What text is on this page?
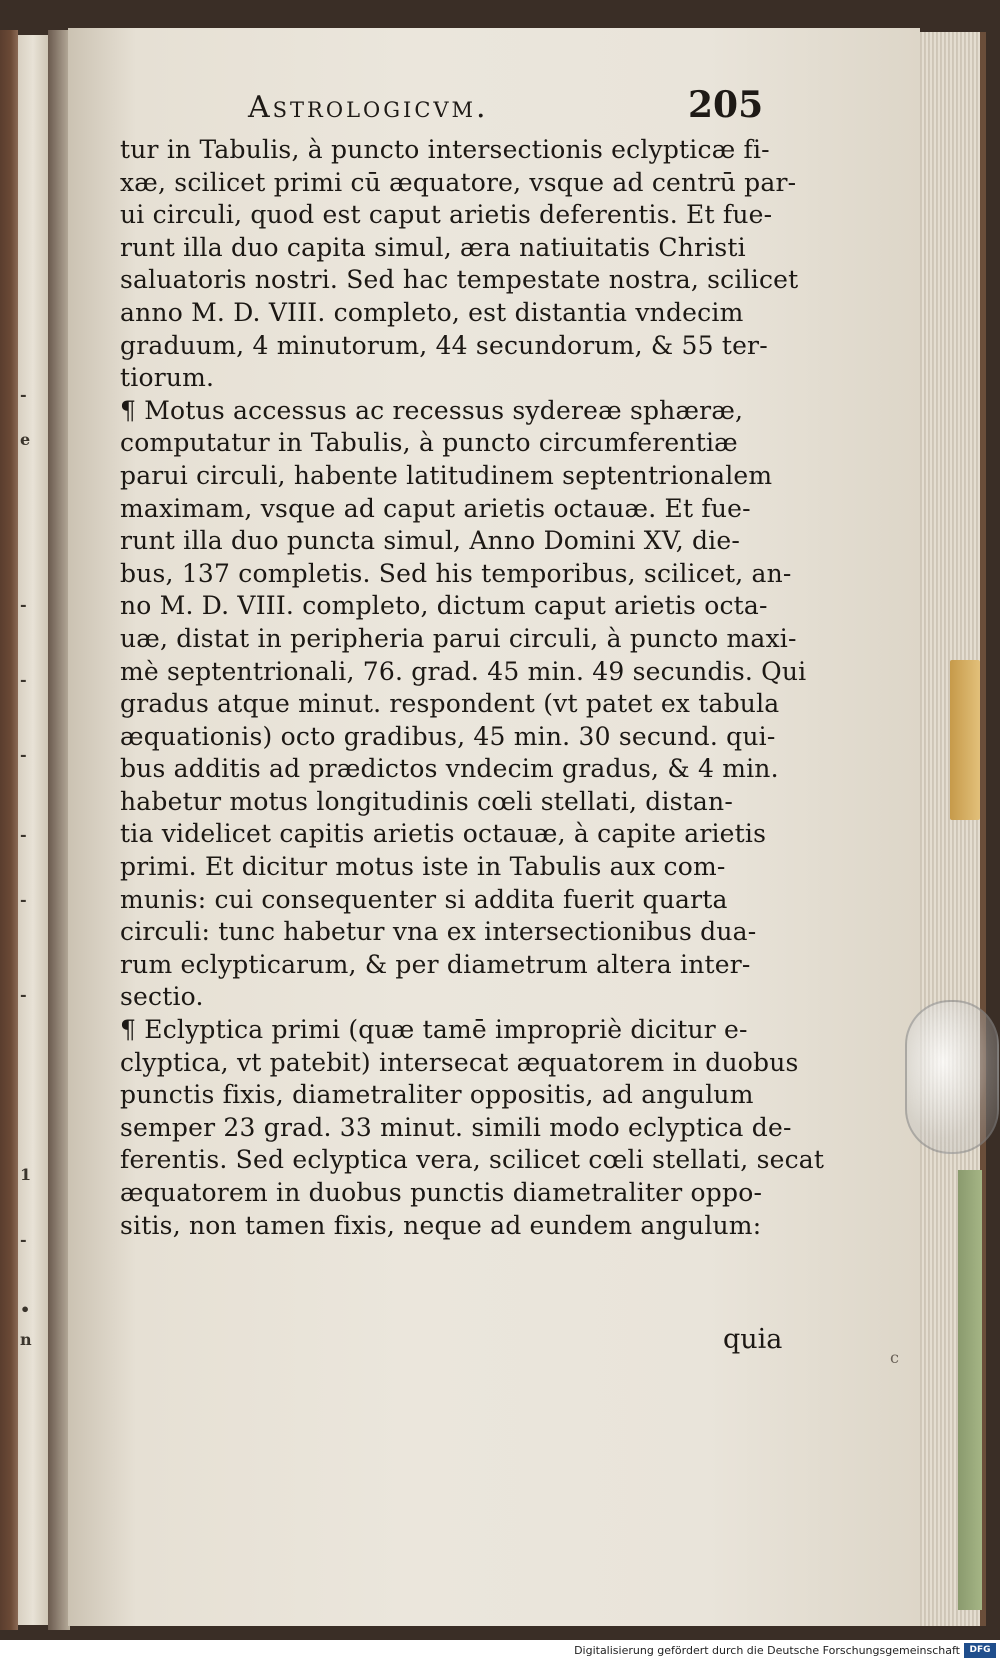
-
e
-
-
-
-
-
-
1
-
•
n
Astrologicvm.	205
tur in Tabulis, à puncto intersectionis eclypticæ fi-
xæ, scilicet primi cū æquatore, vsque ad centrū par-
ui circuli, quod est caput arietis deferentis. Et fue-
runt illa duo capita simul, æra natiuitatis Christi
saluatoris nostri. Sed hac tempestate nostra, scilicet
anno M. D. VIII. completo, est distantia vndecim
graduum, 4 minutorum, 44 secundorum, & 55 ter-
tiorum.
¶ Motus accessus ac recessus sydereæ sphæræ,
computatur in Tabulis, à puncto circumferentiæ
parui circuli, habente latitudinem septentrionalem
maximam, vsque ad caput arietis octauæ. Et fue-
runt illa duo puncta simul, Anno Domini XV, die-
bus, 137 completis. Sed his temporibus, scilicet, an-
no M. D. VIII. completo, dictum caput arietis octa-
uæ, distat in peripheria parui circuli, à puncto maxi-
mè septentrionali, 76. grad. 45 min. 49 secundis. Qui
gradus atque minut. respondent (vt patet ex tabula
æquationis) octo gradibus, 45 min. 30 secund. qui-
bus additis ad prædictos vndecim gradus, & 4 min.
habetur motus longitudinis cœli stellati, distan-
tia videlicet capitis arietis octauæ, à capite arietis
primi. Et dicitur motus iste in Tabulis aux com-
munis: cui consequenter si addita fuerit quarta
circuli: tunc habetur vna ex intersectionibus dua-
rum eclypticarum, & per diametrum altera inter-
sectio.
¶ Eclyptica primi (quæ tamē impropriè dicitur e-
clyptica, vt patebit) intersecat æquatorem in duobus
punctis fixis, diametraliter oppositis, ad angulum
semper 23 grad. 33 minut. simili modo eclyptica de-
ferentis. Sed eclyptica vera, scilicet cœli stellati, secat
æquatorem in duobus punctis diametraliter oppo-
sitis, non tamen fixis, neque ad eundem angulum:
quia
c
Digitalisierung gefördert durch die Deutsche Forschungsgemeinschaft	DFG
